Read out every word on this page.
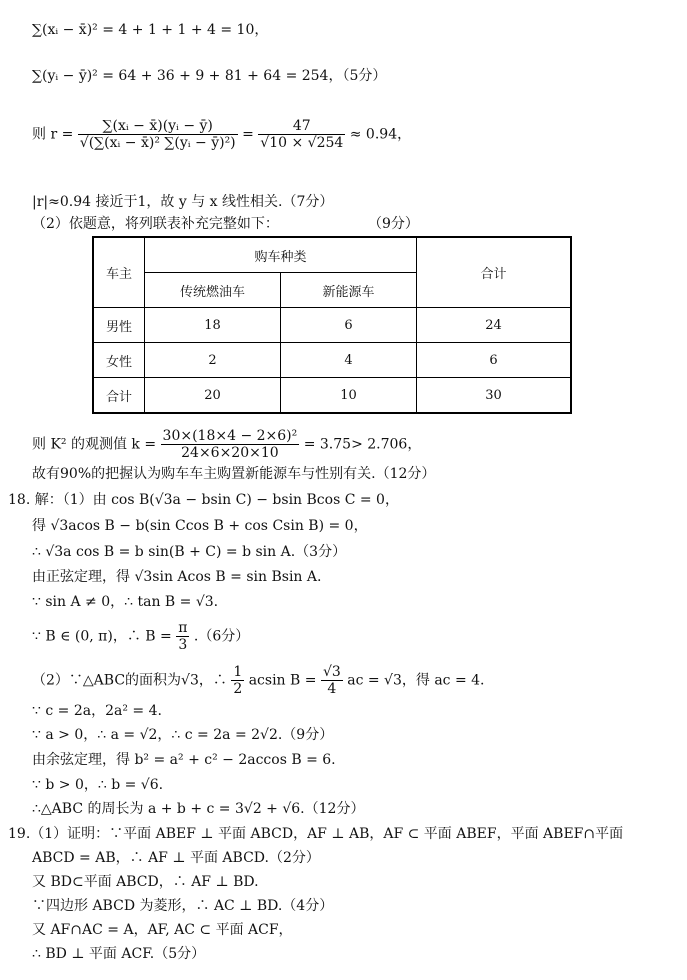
∑(xᵢ − x̄)² = 4 + 1 + 1 + 4 = 10，
∑(yᵢ − ȳ)² = 64 + 36 + 9 + 81 + 64 = 254，（5分）
则 $r = \frac{\text{∑(xᵢ − x̄)(yᵢ − ȳ)}}{\text{√(∑(xᵢ − x̄)² ∑(yᵢ − ȳ)²)}} = \frac{47}{√10 \times √254} \approx 0.94$，
|r|≈0.94 接近于1，故 y 与 x 线性相关.（7分）
（2）依题意，将列联表补充完整如下：	（9分）
车主	购车种类		合计
	传统燃油车	新能源车	
男性	18	6	24
女性	2	4	6
合计	20	10	30
则 K² 的观测值 $k = \frac{\text{30×(18×4 − 2×6)²}}{24\times 6\times 20\times 10} = 3.75> 2.706$，
故有90%的把握认为购车车主购置新能源车与性别有关.（12分）
18. 解：（1）由 cos B(√3a − bsin C) − bsin Bcos C = 0，
得 √3acos B − b(sin Ccos B + cos Csin B) = 0，
∴ √3a cos B = b sin(B + C) = b sin A.（3分）
由正弦定理，得 √3sin Acos B = sin Bsin A.
∵ sin A ≠ 0，∴ tan B = √3.
∵ B ∈ (0, π)，∴ $B = \frac{\pi}{3} .(6$分）
（2）∵△ABC的面积为√3，∴ $\frac{1}{2}$ acsin $B = \frac{√3}{4}$ ac = √3，得 ac = 4.
∵ c = 2a，2a² = 4.
∵ a > 0，∴ a = √2，∴ c = 2a = 2√2.（9分）
由余弦定理，得 b² = a² + c² − 2accos B = 6.
∵ b > 0，∴ b = √6.
∴△ABC 的周长为 a + b + c = 3√2 + √6.（12分）
19.（1）证明：∵平面 ABEF ⊥ 平面 ABCD，AF ⊥ AB，AF ⊂ 平面 ABEF，平面 ABEF∩平面
ABCD = AB，∴ AF ⊥ 平面 ABCD.（2分）
又 BD⊂平面 ABCD，∴ AF ⊥ BD.
∵四边形 ABCD 为菱形，∴ AC ⊥ BD.（4分）
又 AF∩AC = A，AF, AC ⊂ 平面 ACF，
∴ BD ⊥ 平面 ACF.（5分）
